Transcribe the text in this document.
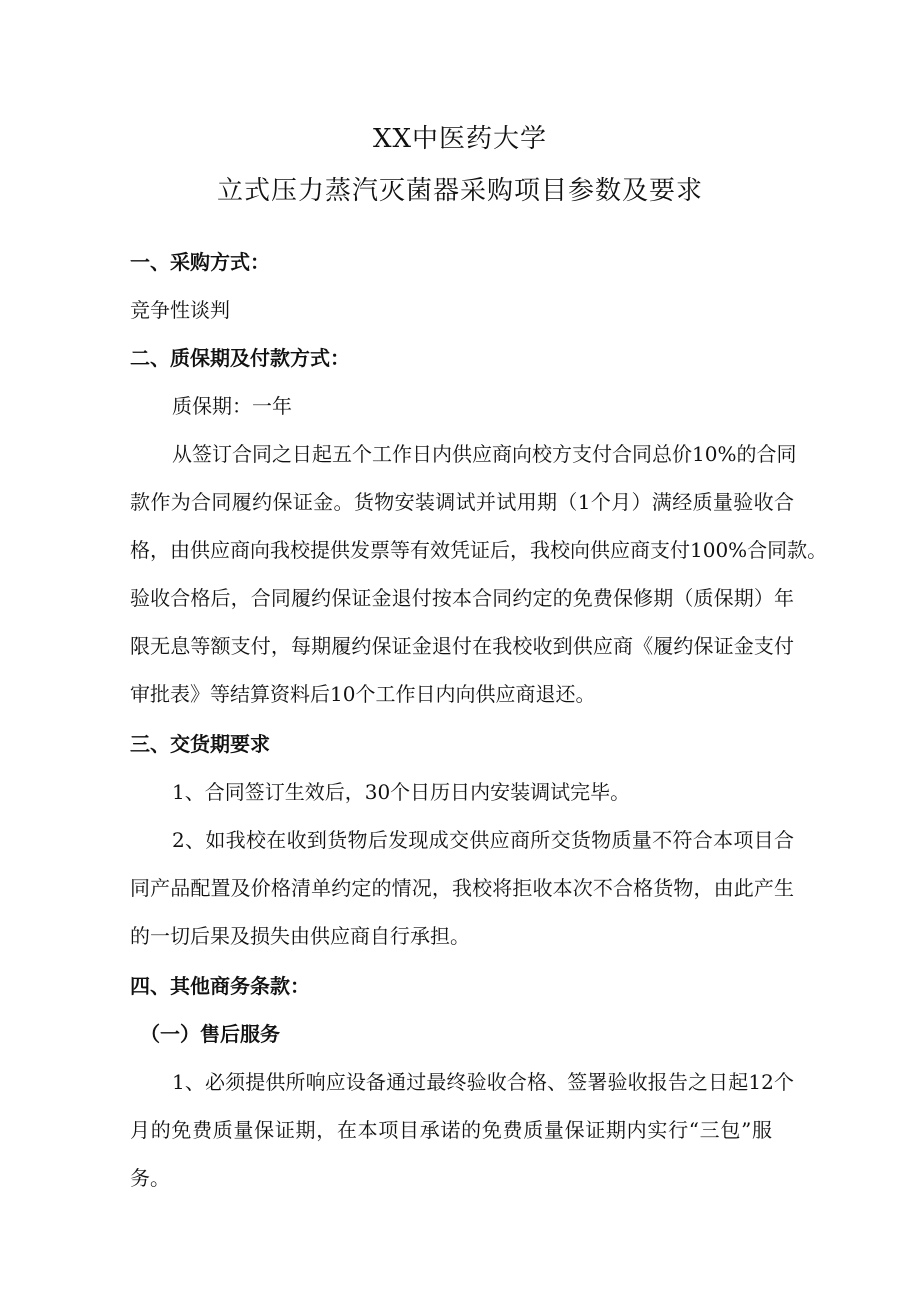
XX中医药大学
立式压力蒸汽灭菌器采购项目参数及要求
一、采购方式：
竞争性谈判
二、质保期及付款方式：
质保期：一年
从签订合同之日起五个工作日内供应商向校方支付合同总价10%的合同
款作为合同履约保证金。货物安装调试并试用期（1个月）满经质量验收合
格，由供应商向我校提供发票等有效凭证后，我校向供应商支付100%合同款。
验收合格后，合同履约保证金退付按本合同约定的免费保修期（质保期）年
限无息等额支付，每期履约保证金退付在我校收到供应商《履约保证金支付
审批表》等结算资料后10个工作日内向供应商退还。
三、交货期要求
1、合同签订生效后，30个日历日内安装调试完毕。
2、如我校在收到货物后发现成交供应商所交货物质量不符合本项目合
同产品配置及价格清单约定的情况，我校将拒收本次不合格货物，由此产生
的一切后果及损失由供应商自行承担。
四、其他商务条款：
（一）售后服务
1、必须提供所响应设备通过最终验收合格、签署验收报告之日起12个
月的免费质量保证期，在本项目承诺的免费质量保证期内实行“三包”服
务。
